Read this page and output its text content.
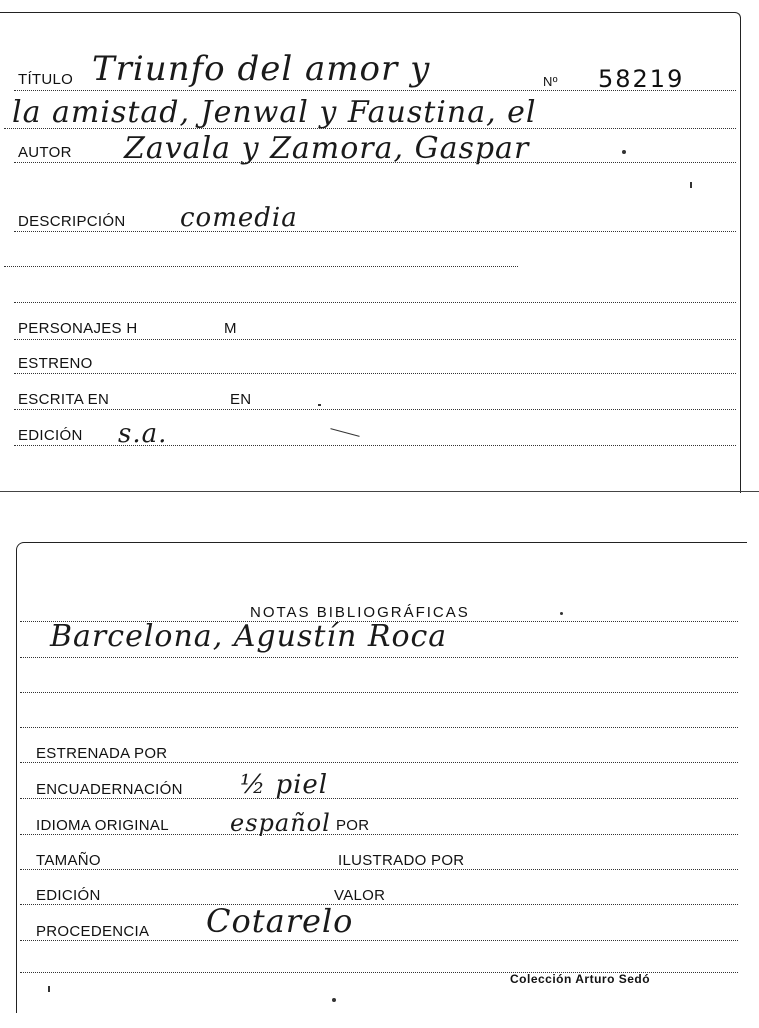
TÍTULO Triunfo del amor y	Nº 58219
la amistad, Jenwal y Faustina, el
AUTOR Zavala y Zamora, Gaspar
DESCRIPCIÓN comedia
PERSONAJES H	M
ESTRENO
ESCRITA EN	EN
EDICIÓN s.a.
NOTAS BIBLIOGRÁFICAS
Barcelona, Agustín Roca
ESTRENADA POR
ENCUADERNACIÓN ½ piel
IDIOMA ORIGINAL	español POR
TAMAÑO	ILUSTRADO POR
EDICIÓN	VALOR
PROCEDENCIA Cotarelo
Colección Arturo Sedó
